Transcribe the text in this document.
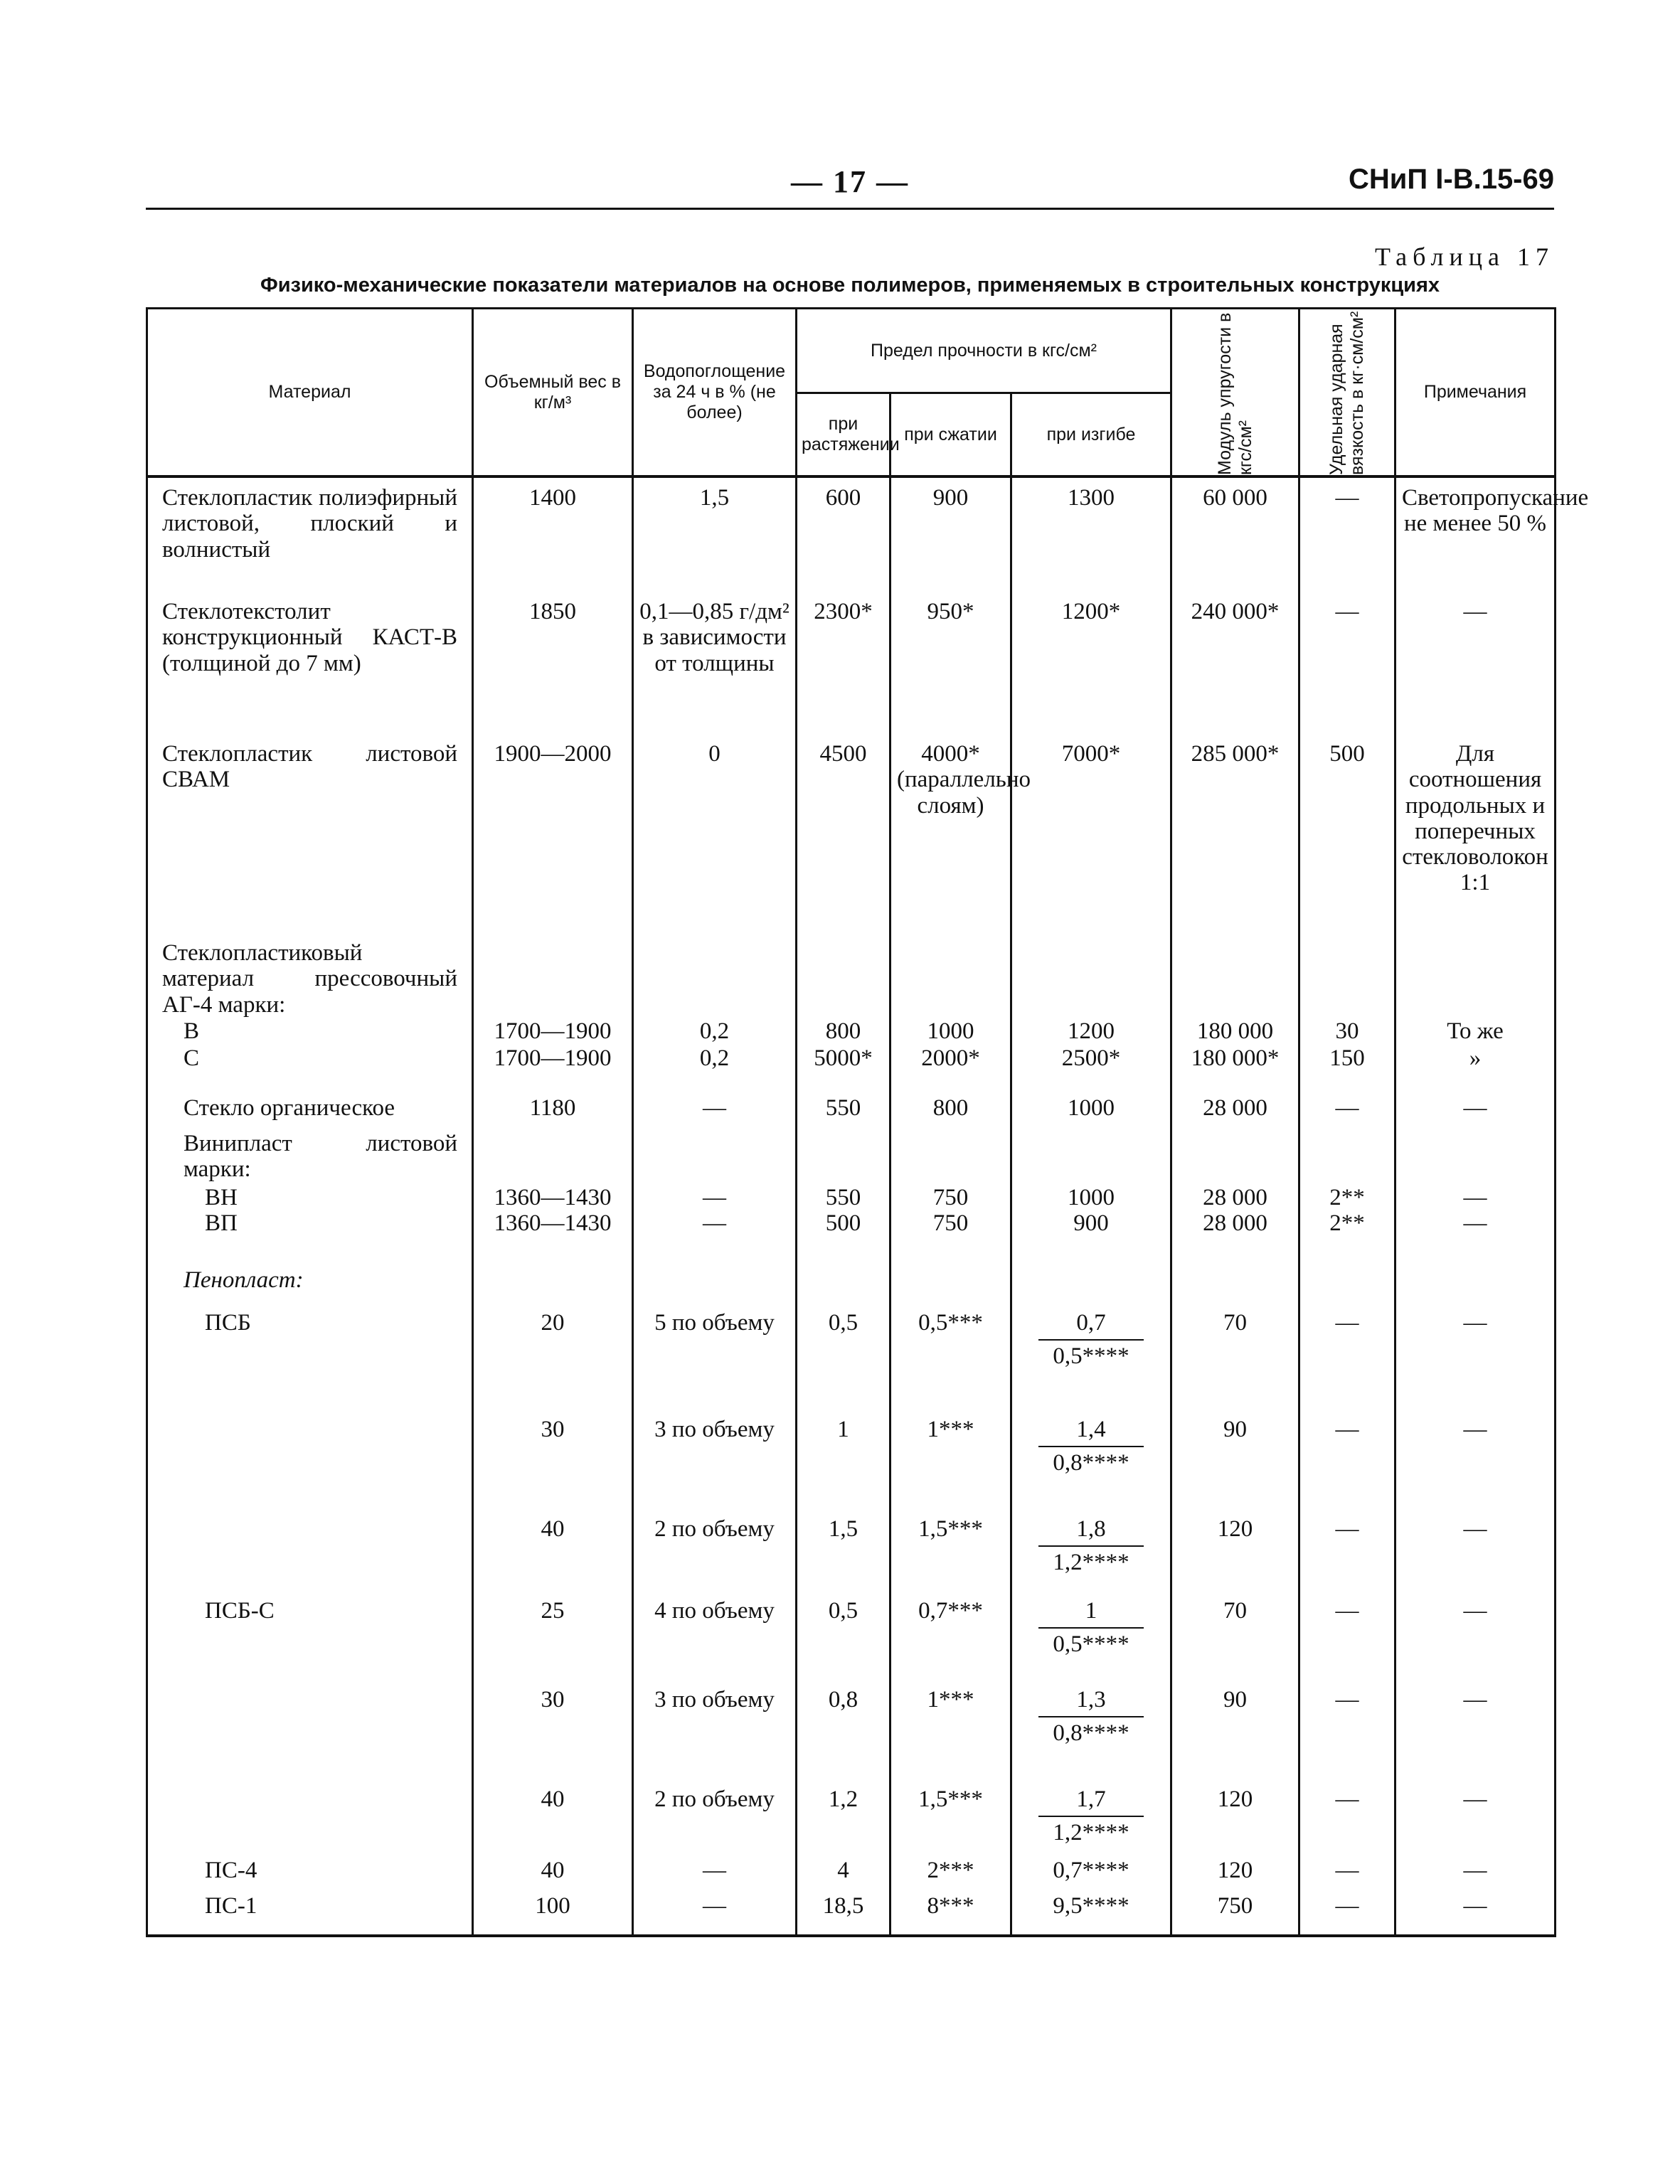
— 17 —	СНиП I-В.15-69
Таблица 17
Физико-механические показатели материалов на основе полимеров, применяемых в строительных конструкциях
Материал	Объемный вес в кг/м³	Водопоглощение за 24 ч в % (не более)	Предел прочности в кгс/см²			Модуль упругости в кгс/см²	Удельная ударная вязкость в кг·см/см²	Примечания
			при растяжении	при сжатии	при изгибе			

Стеклопластик полиэфирный листовой, плоский и волнистый	1400	1,5	600	900	1300	60 000	—	Светопропускание не менее 50 %
Стеклотекстолит конструкционный КАСТ-В (толщиной до 7 мм)	1850	0,1—0,85 г/дм² в зависимости от толщины	2300*	950*	1200*	240 000*	—	—
Стеклопластик листовой СВАМ	1900—2000	0	4500	4000* (параллельно слоям)	7000*	285 000*	500	Для соотношения продольных и поперечных стекловолокон 1:1
Стеклопластиковый материал прессовочный АГ-4 марки:								
В	1700—1900	0,2	800	1000	1200	180 000	30	То же
С	1700—1900	0,2	5000*	2000*	2500*	180 000*	150	»
Стекло органическое	1180	—	550	800	1000	28 000	—	—
Винипласт листовой марки:								
ВН	1360—1430	—	550	750	1000	28 000	2**	—
ВП	1360—1430	—	500	750	900	28 000	2**	—
Пенопласт:								
ПСБ	20	5 по объему	0,5	0,5***	$\frac{0,7}{0,5****}$	70	—	—
	30	3 по объему	1	1***	$\frac{1,4}{0,8****}$	90	—	—
	40	2 по объему	1,5	1,5***	$\frac{1,8}{1,2****}$	120	—	—
ПСБ-С	25	4 по объему	0,5	0,7***	$\frac{1}{0,5****}$	70	—	—
	30	3 по объему	0,8	1***	$\frac{1,3}{0,8****}$	90	—	—
	40	2 по объему	1,2	1,5***	$\frac{1,7}{1,2****}$	120	—	—
ПС-4	40	—	4	2***	0,7****	120	—	—
ПС-1	100	—	18,5	8***	9,5****	750	—	—
